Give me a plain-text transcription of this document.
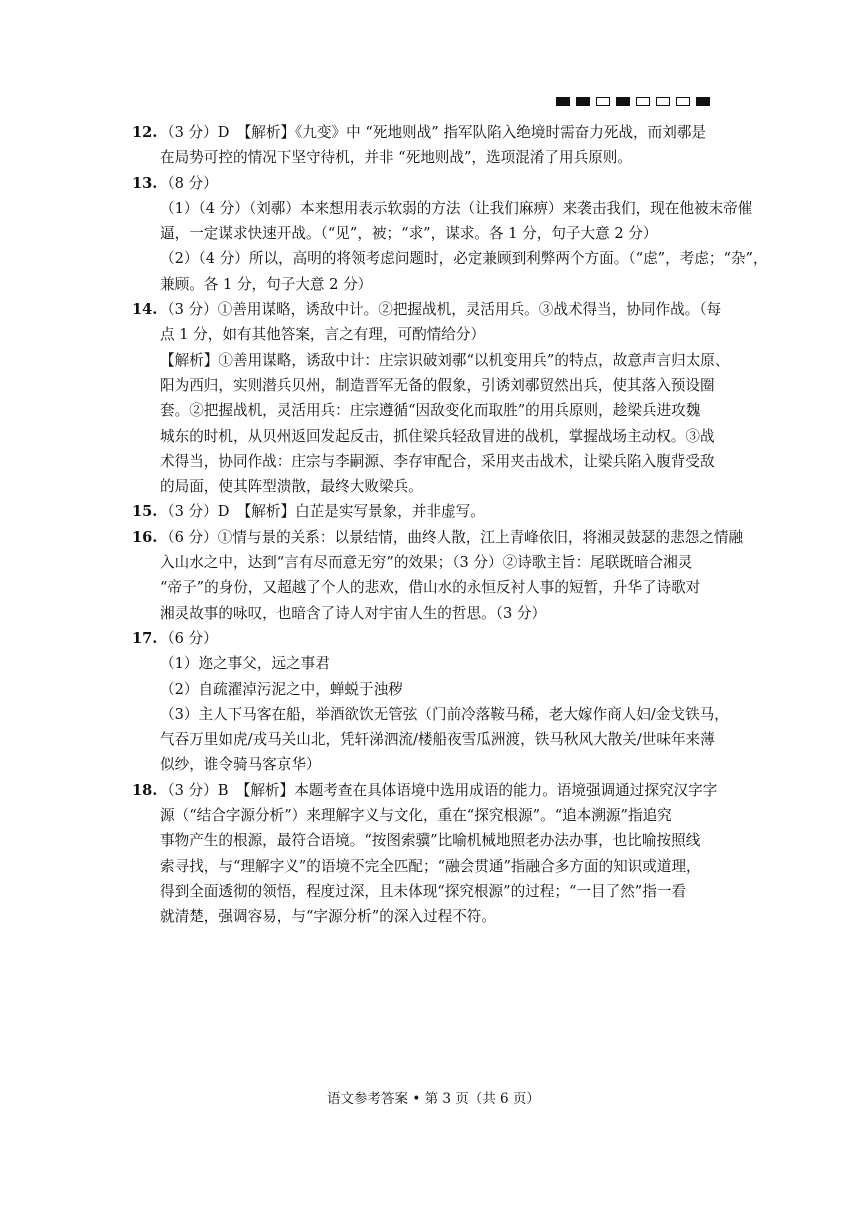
12. （3 分）D　【解析】《九变》中 “死地则战” 指军队陷入绝境时需奋力死战，而刘鄩是
在局势可控的情况下坚守待机，并非 “死地则战”，选项混淆了用兵原则。
13. （8 分）
（1）（4 分）（刘鄩）本来想用表示软弱的方法（让我们麻痹）来袭击我们，现在他被末帝催
逼，一定谋求快速开战。（“见”，被；“求”，谋求。各 1 分，句子大意 2 分）
（2）（4 分）所以，高明的将领考虑问题时，必定兼顾到利弊两个方面。（“虑”，考虑；“杂”，
兼顾。各 1 分，句子大意 2 分）
14. （3 分）①善用谋略，诱敌中计。②把握战机，灵活用兵。③战术得当，协同作战。（每
点 1 分，如有其他答案，言之有理，可酌情给分）
【解析】①善用谋略，诱敌中计：庄宗识破刘鄩“以机变用兵”的特点，故意声言归太原、
阳为西归，实则潜兵贝州，制造晋军无备的假象，引诱刘鄩贸然出兵，使其落入预设圈
套。②把握战机，灵活用兵：庄宗遵循“因敌变化而取胜”的用兵原则，趁梁兵进攻魏
城东的时机，从贝州返回发起反击，抓住梁兵轻敌冒进的战机，掌握战场主动权。③战
术得当，协同作战：庄宗与李嗣源、李存审配合，采用夹击战术，让梁兵陷入腹背受敌
的局面，使其阵型溃散，最终大败梁兵。
15. （3 分）D　【解析】白芷是实写景象，并非虚写。
16. （6 分）①情与景的关系：以景结情，曲终人散，江上青峰依旧，将湘灵鼓瑟的悲怨之情融
入山水之中，达到“言有尽而意无穷”的效果；（3 分）②诗歌主旨：尾联既暗合湘灵
“帝子”的身份，又超越了个人的悲欢，借山水的永恒反衬人事的短暂，升华了诗歌对
湘灵故事的咏叹，也暗含了诗人对宇宙人生的哲思。（3 分）
17. （6 分）
（1）迩之事父，远之事君
（2）自疏濯淖污泥之中，蝉蜕于浊秽
（3）主人下马客在船，举酒欲饮无管弦（门前冷落鞍马稀，老大嫁作商人妇/金戈铁马，
气吞万里如虎/戎马关山北，凭轩涕泗流/楼船夜雪瓜洲渡，铁马秋风大散关/世味年来薄
似纱，谁令骑马客京华）
18. （3 分）B　【解析】本题考查在具体语境中选用成语的能力。语境强调通过探究汉字字
源（“结合字源分析”）来理解字义与文化，重在“探究根源”。“追本溯源”指追究
事物产生的根源，最符合语境。“按图索骥”比喻机械地照老办法办事，也比喻按照线
索寻找，与“理解字义”的语境不完全匹配；“融会贯通”指融合多方面的知识或道理，
得到全面透彻的领悟，程度过深，且未体现“探究根源”的过程；“一目了然”指一看
就清楚，强调容易，与“字源分析”的深入过程不符。
语文参考答案 • 第 3 页（共 6 页）
